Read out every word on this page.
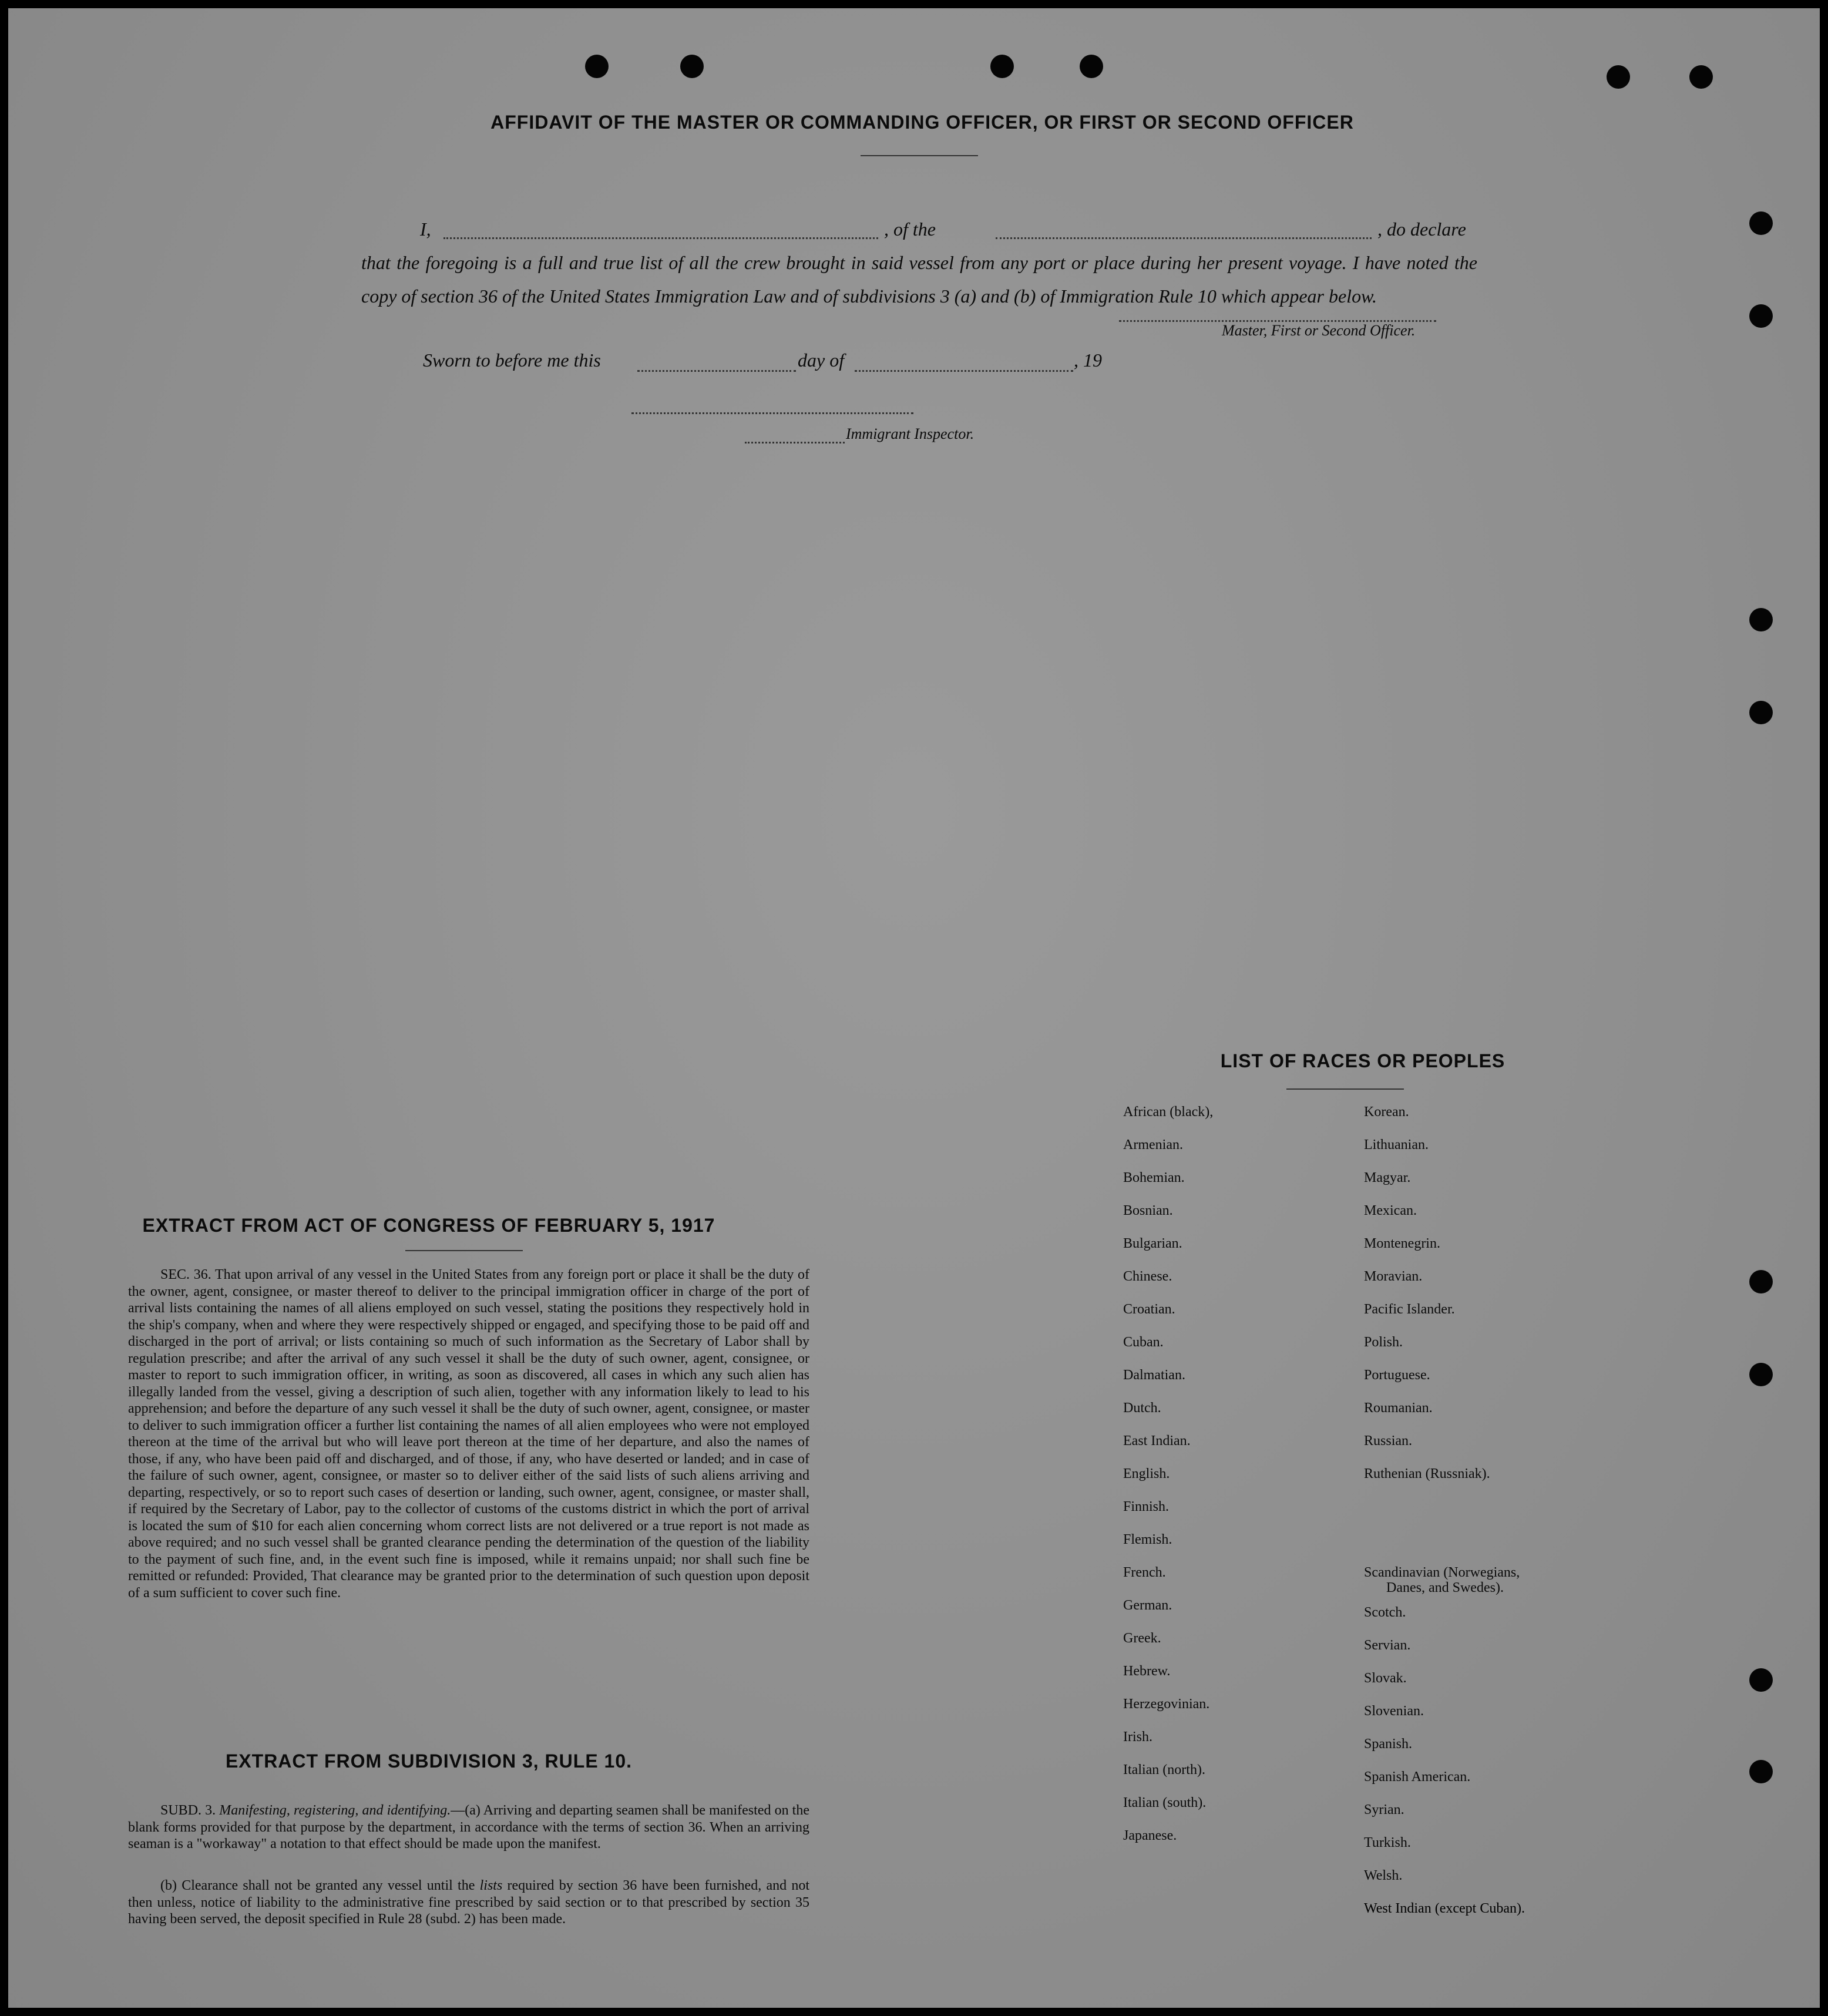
AFFIDAVIT OF THE MASTER OR COMMANDING OFFICER, OR FIRST OR SECOND OFFICER
I,	, of the	, do declare
that the foregoing is a full and true list of all the crew brought in said vessel from any port or place during her present voyage. I have noted the copy of section 36 of the United States Immigration Law and of subdivisions 3 (a) and (b) of Immigration Rule 10 which appear below.
Master, First or Second Officer.
Sworn to before me this	day of	, 19
Immigrant Inspector.
LIST OF RACES OR PEOPLES
African (black),
Armenian.
Bohemian.
Bosnian.
Bulgarian.
Chinese.
Croatian.
Cuban.
Dalmatian.
Dutch.
East Indian.
English.
Finnish.
Flemish.
French.
German.
Greek.
Hebrew.
Herzegovinian.
Irish.
Italian (north).
Italian (south).
Korean.
Lithuanian.
Magyar.
Mexican.
Montenegrin.
Moravian.
Pacific Islander.
Polish.
Portuguese.
Roumanian.
Russian.
Ruthenian (Russniak).
Scandinavian (Norwegians,
Danes, and Swedes).
Scotch.
Servian.
Slovak.
Slovenian.
Spanish.
Spanish American.
Syrian.
Turkish.
Welsh.
Japanese.
EXTRACT FROM ACT OF CONGRESS OF FEBRUARY 5, 1917
SEC. 36. That upon arrival of any vessel in the United States from any foreign port or place it shall be the duty of the owner, agent, consignee, or master thereof to deliver to the principal immigration officer in charge of the port of arrival lists containing the names of all aliens employed on such vessel, stating the positions they respectively hold in the ship's company, when and where they were respectively shipped or engaged, and specifying those to be paid off and discharged in the port of arrival; or lists containing so much of such information as the Secretary of Labor shall by regulation prescribe; and after the arrival of any such vessel it shall be the duty of such owner, agent, consignee, or master to report to such immigration officer, in writing, as soon as discovered, all cases in which any such alien has illegally landed from the vessel, giving a description of such alien, together with any information likely to lead to his apprehension; and before the departure of any such vessel it shall be the duty of such owner, agent, consignee, or master to deliver to such immigration officer a further list containing the names of all alien employees who were not employed thereon at the time of the arrival but who will leave port thereon at the time of her departure, and also the names of those, if any, who have been paid off and discharged, and of those, if any, who have deserted or landed; and in case of the failure of such owner, agent, consignee, or master so to deliver either of the said lists of such aliens arriving and departing, respectively, or so to report such cases of desertion or landing, such owner, agent, consignee, or master shall, if required by the Secretary of Labor, pay to the collector of customs of the customs district in which the port of arrival is located the sum of $10 for each alien concerning whom correct lists are not delivered or a true report is not made as above required; and no such vessel shall be granted clearance pending the determination of the question of the liability to the payment of such fine, and, in the event such fine is imposed, while it remains unpaid; nor shall such fine be remitted or refunded: Provided, That clearance may be granted prior to the determination of such question upon deposit of a sum sufficient to cover such fine.
EXTRACT FROM SUBDIVISION 3, RULE 10.
SUBD. 3. Manifesting, registering, and identifying.—(a) Arriving and departing seamen shall be manifested on the blank forms provided for that purpose by the department, in accordance with the terms of section 36. When an arriving seaman is a "workaway" a notation to that effect should be made upon the manifest.
(b) Clearance shall not be granted any vessel until the lists required by section 36 have been furnished, and not then unless, notice of liability to the administrative fine prescribed by said section or to that prescribed by section 35 having been served, the deposit specified in Rule 28 (subd. 2) has been made.
West Indian (except Cuban).
